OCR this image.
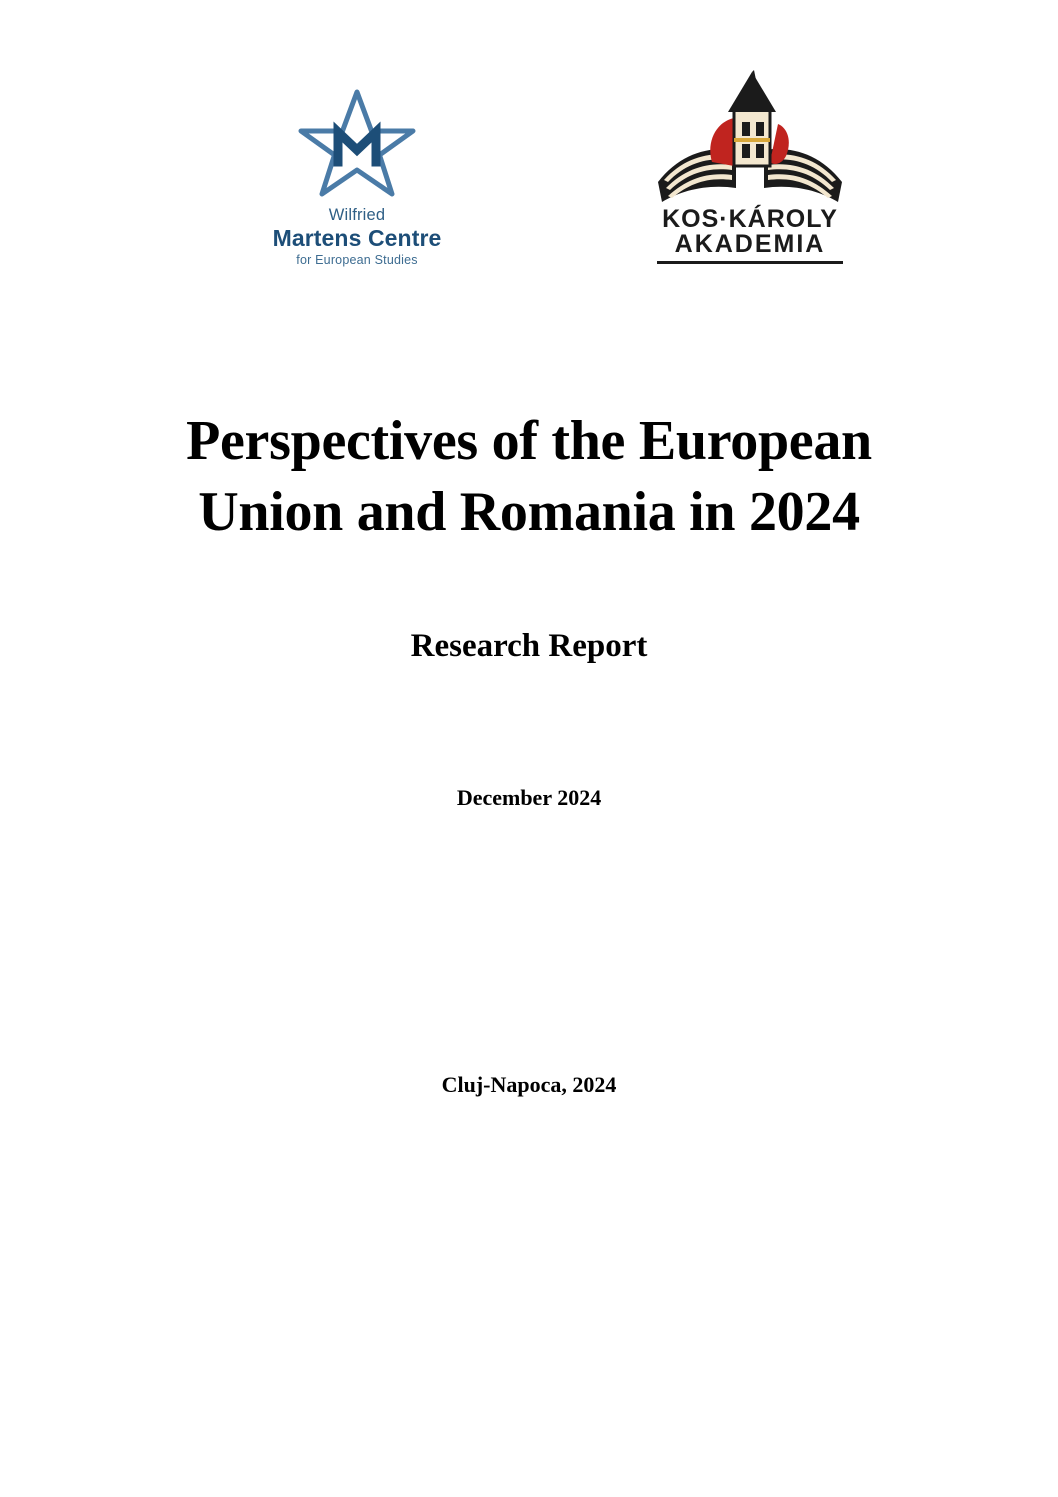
Wilfried
Martens Centre
for European Studies
KOS·KÁROLY
AKADEMIA
Perspectives of the European Union and Romania in 2024
Research Report
December 2024
Cluj-Napoca, 2024
